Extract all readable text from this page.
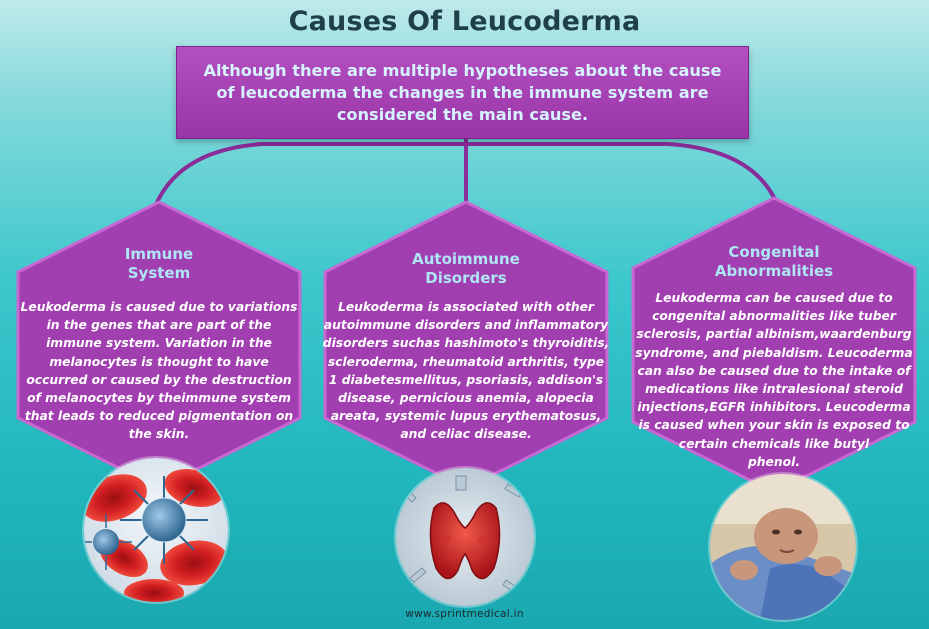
Causes Of Leucoderma
Although there are multiple hypotheses about the cause of leucoderma the changes in the immune system are considered the main cause.
Immune
System
Leukoderma is caused due to variations
in the genes that are part of the
immune system. Variation in the
melanocytes is thought to have
occurred or caused by the destruction
of melanocytes by theimmune system
that leads to reduced pigmentation on
the skin.
Autoimmune
Disorders
Leukoderma is associated with other
autoimmune disorders and inflammatory
disorders suchas hashimoto's thyroiditis,
scleroderma, rheumatoid arthritis, type
1 diabetesmellitus, psoriasis, addison's
disease, pernicious anemia, alopecia
areata, systemic lupus erythematosus,
and celiac disease.
Congenital
Abnormalities
Leukoderma can be caused due to
congenital abnormalities like tuber
sclerosis, partial albinism,waardenburg
syndrome, and piebaldism. Leucoderma
can also be caused due to the intake of
medications like intralesional steroid
injections,EGFR inhibitors. Leucoderma
is caused when your skin is exposed to
certain chemicals like butyl
phenol.
www.sprintmedical.in
